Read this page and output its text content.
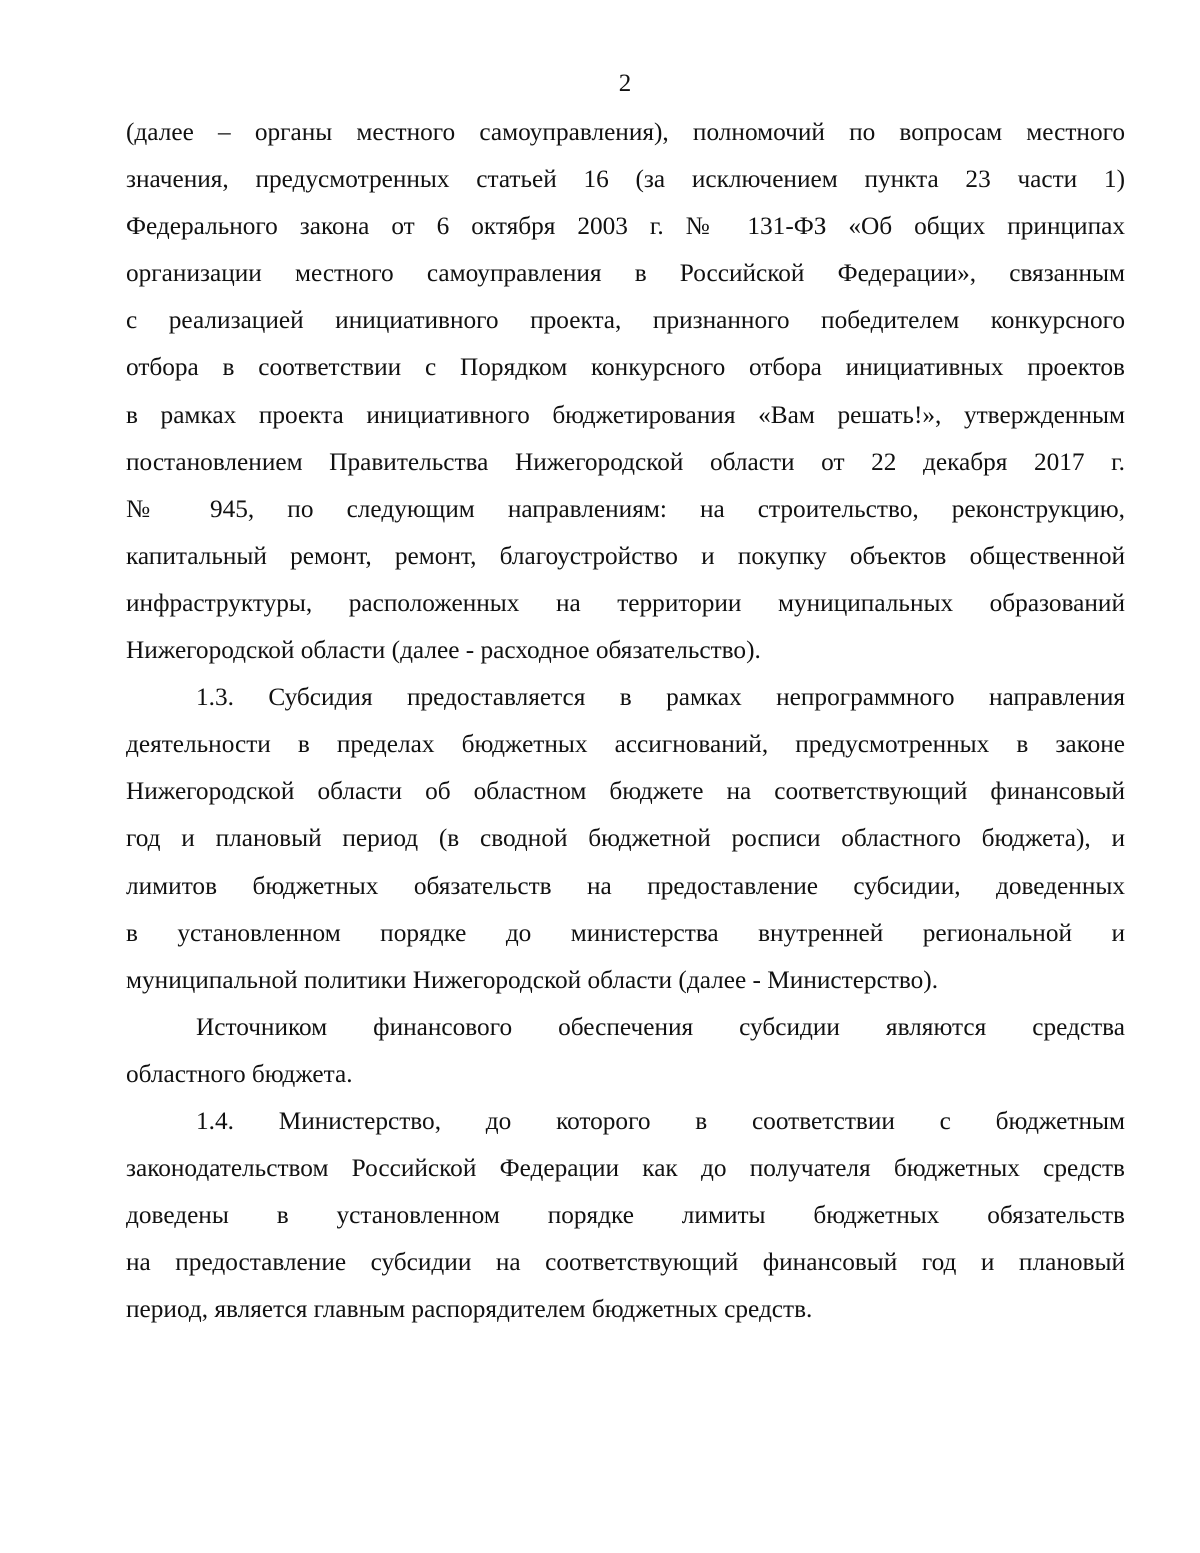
2
(далее – органы местного самоуправления), полномочий по вопросам местного
значения, предусмотренных статьей 16 (за исключением пункта 23 части 1)
Федерального закона от 6 октября 2003 г. № 131-ФЗ «Об общих принципах
организации местного самоуправления в Российской Федерации», связанным
с реализацией инициативного проекта, признанного победителем конкурсного
отбора в соответствии с Порядком конкурсного отбора инициативных проектов
в рамках проекта инициативного бюджетирования «Вам решать!», утвержденным
постановлением Правительства Нижегородской области от 22 декабря 2017 г.
№ 945, по следующим направлениям: на строительство, реконструкцию,
капитальный ремонт, ремонт, благоустройство и покупку объектов общественной
инфраструктуры, расположенных на территории муниципальных образований
Нижегородской области (далее - расходное обязательство).
1.3. Субсидия предоставляется в рамках непрограммного направления
деятельности в пределах бюджетных ассигнований, предусмотренных в законе
Нижегородской области об областном бюджете на соответствующий финансовый
год и плановый период (в сводной бюджетной росписи областного бюджета), и
лимитов бюджетных обязательств на предоставление субсидии, доведенных
в установленном порядке до министерства внутренней региональной и
муниципальной политики Нижегородской области (далее - Министерство).
Источником финансового обеспечения субсидии являются средства
областного бюджета.
1.4. Министерство, до которого в соответствии с бюджетным
законодательством Российской Федерации как до получателя бюджетных средств
доведены в установленном порядке лимиты бюджетных обязательств
на предоставление субсидии на соответствующий финансовый год и плановый
период, является главным распорядителем бюджетных средств.
